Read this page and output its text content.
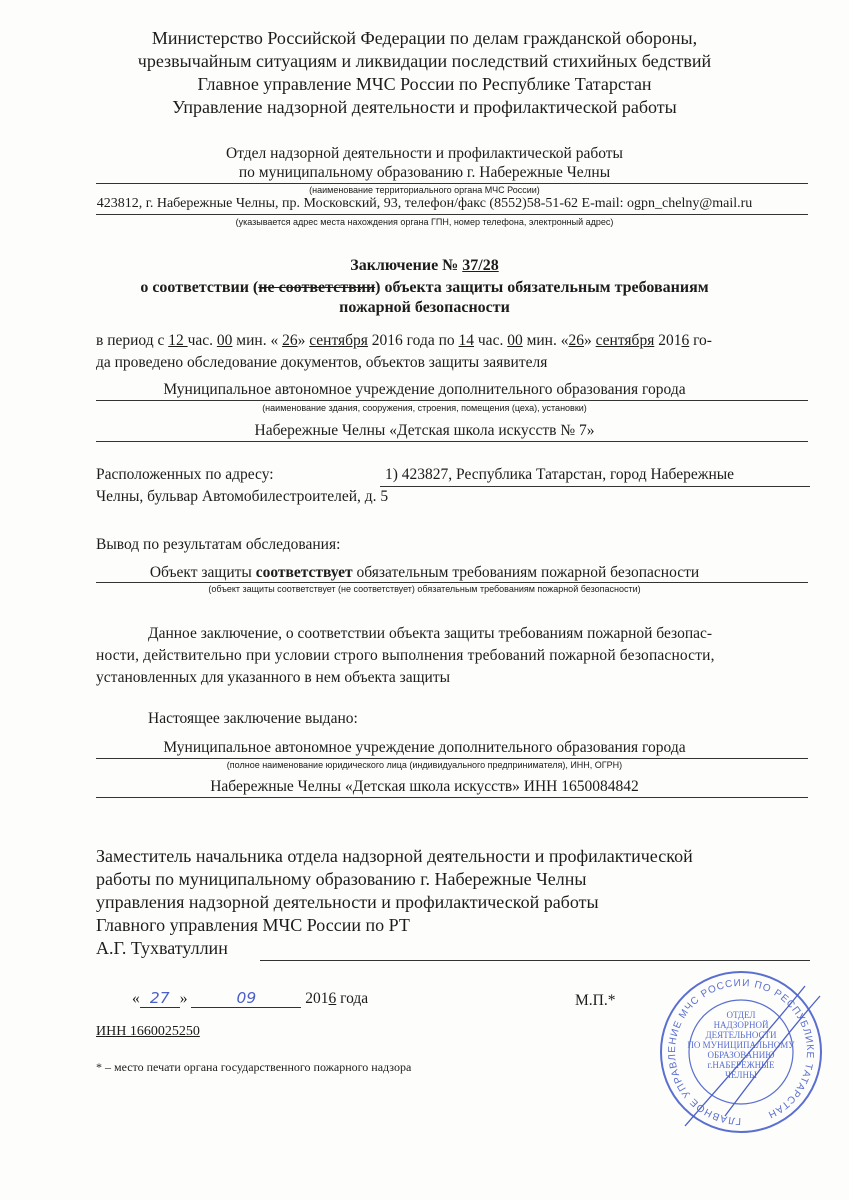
Министерство Российской Федерации по делам гражданской обороны,
чрезвычайным ситуациям и ликвидации последствий стихийных бедствий
Главное управление МЧС России по Республике Татарстан
Управление надзорной деятельности и профилактической работы
Отдел надзорной деятельности и профилактической работы
по муниципальному образованию г. Набережные Челны
(наименование территориального органа МЧС России)
423812, г. Набережные Челны, пр. Московский, 93, телефон/факс (8552)58-51-62 E-mail: ogpn_chelny@mail.ru
(указывается адрес места нахождения органа ГПН, номер телефона, электронный адрес)
Заключение № 37/28
о соответствии (не соответствии) объекта защиты обязательным требованиям
пожарной безопасности
в период с 12 час. 00 мин. « 26» сентября 2016 года по 14 час. 00 мин. «26» сентября 2016 го-
да проведено обследование документов, объектов защиты заявителя
Муниципальное автономное учреждение дополнительного образования города
(наименование здания, сооружения, строения, помещения (цеха), установки)
Набережные Челны «Детская школа искусств № 7»
Расположенных по адресу:	1) 423827, Республика Татарстан, город Набережные
Челны, бульвар Автомобилестроителей, д. 5
Вывод по результатам обследования:
Объект защиты соответствует обязательным требованиям пожарной безопасности
(объект защиты соответствует (не соответствует) обязательным требованиям пожарной безопасности)
Данное заключение, о соответствии объекта защиты требованиям пожарной безопас-
ности, действительно при условии строго выполнения требований пожарной безопасности,
установленных для указанного в нем объекта защиты
Настоящее заключение выдано:
Муниципальное автономное учреждение дополнительного образования города
(полное наименование юридического лица (индивидуального предпринимателя), ИНН, ОГРН)
Набережные Челны «Детская школа искусств» ИНН 1650084842
Заместитель начальника отдела надзорной деятельности и профилактической
работы по муниципальному образованию г. Набережные Челны
управления надзорной деятельности и профилактической работы
Главного управления МЧС России по РТ
А.Г. Тухватуллин
ОТДЕЛ
НАДЗОРНОЙ
ДЕЯТЕЛЬНОСТИ
ПО МУНИЦИПАЛЬНОМУ
ОБРАЗОВАНИЮ
г.НАБЕРЕЖНЫЕ
ЧЕЛНЫ
ГЛАВНОЕ УПРАВЛЕНИЕ МЧС РОССИИ ПО РЕСПУБЛИКЕ ТАТАРСТАН
М.П.*
« 27 »	09	2016 года
ИНН 1660025250
* – место печати органа государственного пожарного надзора
